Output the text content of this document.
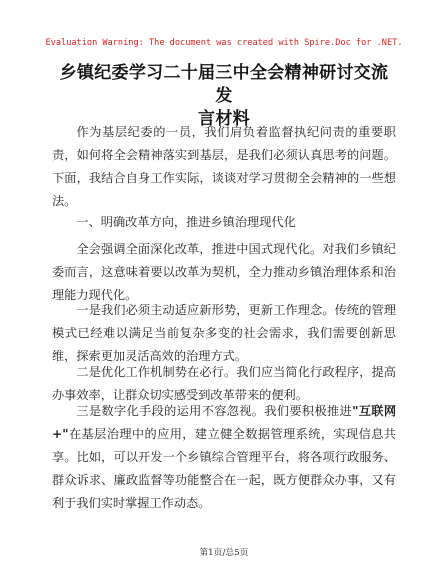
Evaluation Warning: The document was created with Spire.Doc for .NET.
乡镇纪委学习二十届三中全会精神研讨交流发
言材料

作为基层纪委的一员，我们肩负着监督执纪问责的重要职责，如何将全会精神落实到基层，是我们必须认真思考的问题。下面，我结合自身工作实际，谈谈对学习贯彻全会精神的一些想法。

一、明确改革方向，推进乡镇治理现代化

全会强调全面深化改革，推进中国式现代化。对我们乡镇纪委而言，这意味着要以改革为契机，全力推动乡镇治理体系和治理能力现代化。

一是我们必须主动适应新形势，更新工作理念。传统的管理模式已经难以满足当前复杂多变的社会需求，我们需要创新思维，探索更加灵活高效的治理方式。

二是优化工作机制势在必行。我们应当简化行政程序，提高办事效率，让群众切实感受到改革带来的便利。

三是数字化手段的运用不容忽视。我们要积极推进"互联网+"在基层治理中的应用，建立健全数据管理系统，实现信息共享。比如，可以开发一个乡镇综合管理平台，将各项行政服务、群众诉求、廉政监督等功能整合在一起，既方便群众办事，又有利于我们实时掌握工作动态。

第1页/总5页
